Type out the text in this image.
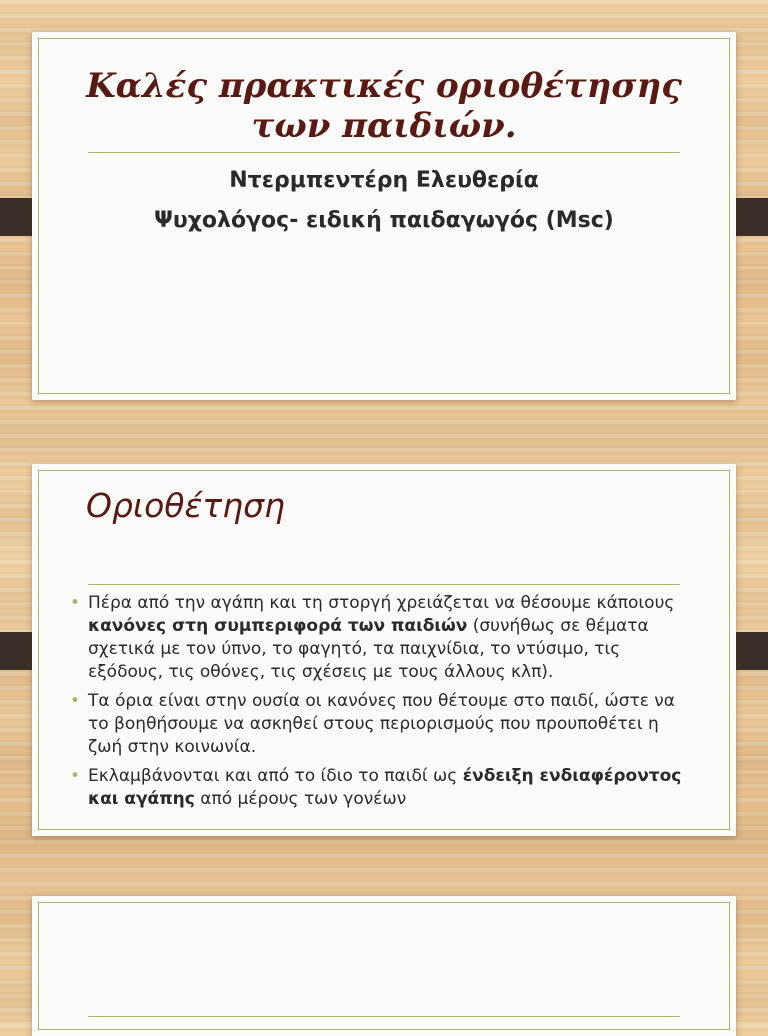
Καλές πρακτικές οριοθέτησης
των παιδιών.
Ντερμπεντέρη Ελευθερία
Ψυχολόγος- ειδική παιδαγωγός (Msc)
Οριοθέτηση
• Πέρα από την αγάπη και τη στοργή χρειάζεται να θέσουμε κάποιους κανόνες στη συμπεριφορά των παιδιών (συνήθως σε θέματα σχετικά με τον ύπνο, το φαγητό, τα παιχνίδια, το ντύσιμο, τις εξόδους, τις οθόνες, τις σχέσεις με τους άλλους κλπ).
• Τα όρια είναι στην ουσία οι κανόνες που θέτουμε στο παιδί, ώστε να το βοηθήσουμε να ασκηθεί στους περιορισμούς που προυποθέτει η ζωή στην κοινωνία.
• Εκλαμβάνονται και από το ίδιο το παιδί ως ένδειξη ενδιαφέροντος και αγάπης από μέρους των γονέων
